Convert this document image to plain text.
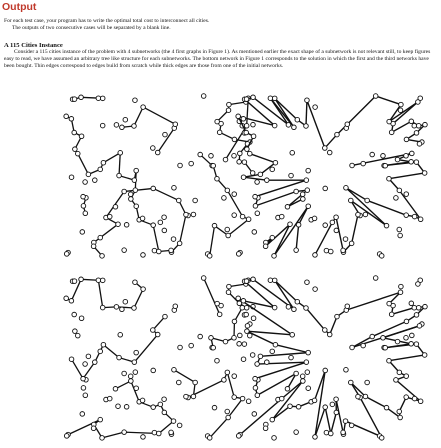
Output
For each test case, your program has to write the optimal total cost to interconnect all cities.
The outputs of two consecutive cases will be separated by a blank line.
A 115 Cities Instance
Consider a 115 cities instance of the problem with 4 subnetworks (the 4 first graphs in Figure 1). As mentioned earlier the exact shape of a subnetwork is not relevant still, to keep figures easy to read, we have assumed an arbitrary tree like structure for each subnetworks. The bottom network in Figure 1 corresponds to the solution in which the first and the third networks have been bought. Thin edges correspond to edges build from scratch while thick edges are those from one of the initial networks.
